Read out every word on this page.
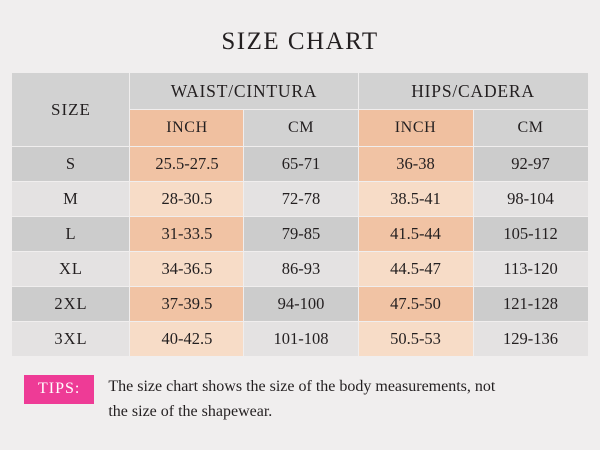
SIZE CHART
SIZE	WAIST/CINTURA		HIPS/CADERA	
	INCH	CM	INCH	CM
S	25.5-27.5	65-71	36-38	92-97
M	28-30.5	72-78	38.5-41	98-104
L	31-33.5	79-85	41.5-44	105-112
XL	34-36.5	86-93	44.5-47	113-120
2XL	37-39.5	94-100	47.5-50	121-128
3XL	40-42.5	101-108	50.5-53	129-136
TIPS:	The size chart shows the size of the body measurements, not
the size of the shapewear.
